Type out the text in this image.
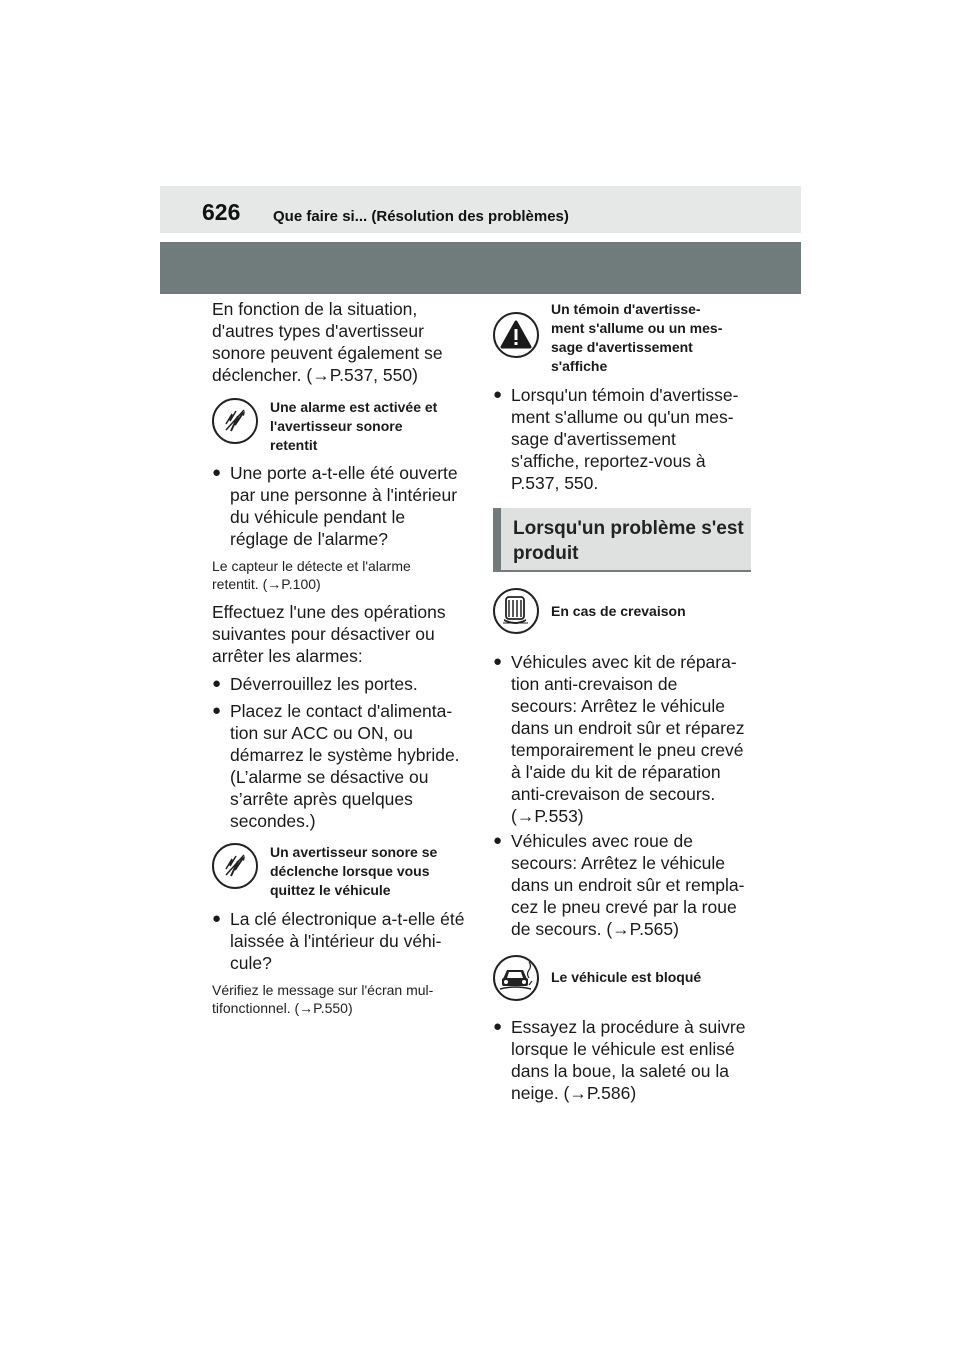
626 Que faire si... (Résolution des problèmes)

En fonction de la situation,
d'autres types d'avertisseur
sonore peuvent également se
déclencher. (→P.537, 550)

Une alarme est activée et
l'avertisseur sonore
retentit

● Une porte a-t-elle été ouverte
par une personne à l'intérieur
du véhicule pendant le
réglage de l'alarme?

Le capteur le détecte et l'alarme
retentit. (→P.100)

Effectuez l'une des opérations
suivantes pour désactiver ou
arrêter les alarmes:

● Déverrouillez les portes.

● Placez le contact d'alimenta-
tion sur ACC ou ON, ou
démarrez le système hybride.
(L’alarme se désactive ou
s’arrête après quelques
secondes.)

Un avertisseur sonore se
déclenche lorsque vous
quittez le véhicule

● La clé électronique a-t-elle été
laissée à l'intérieur du véhi-
cule?

Vérifiez le message sur l'écran mul-
tifonctionnel. (→P.550)

Un témoin d'avertisse-
ment s'allume ou un mes-
sage d'avertissement
s'affiche

● Lorsqu'un témoin d'avertisse-
ment s'allume ou qu'un mes-
sage d'avertissement
s'affiche, reportez-vous à
P.537, 550.

Lorsqu'un problème s'est
produit
En cas de crevaison

● Véhicules avec kit de répara-
tion anti-crevaison de
secours: Arrêtez le véhicule
dans un endroit sûr et réparez
temporairement le pneu crevé
à l'aide du kit de réparation
anti-crevaison de secours.
(→P.553)

● Véhicules avec roue de
secours: Arrêtez le véhicule
dans un endroit sûr et rempla-
cez le pneu crevé par la roue
de secours. (→P.565)

Le véhicule est bloqué

● Essayez la procédure à suivre
lorsque le véhicule est enlisé
dans la boue, la saleté ou la
neige. (→P.586)
